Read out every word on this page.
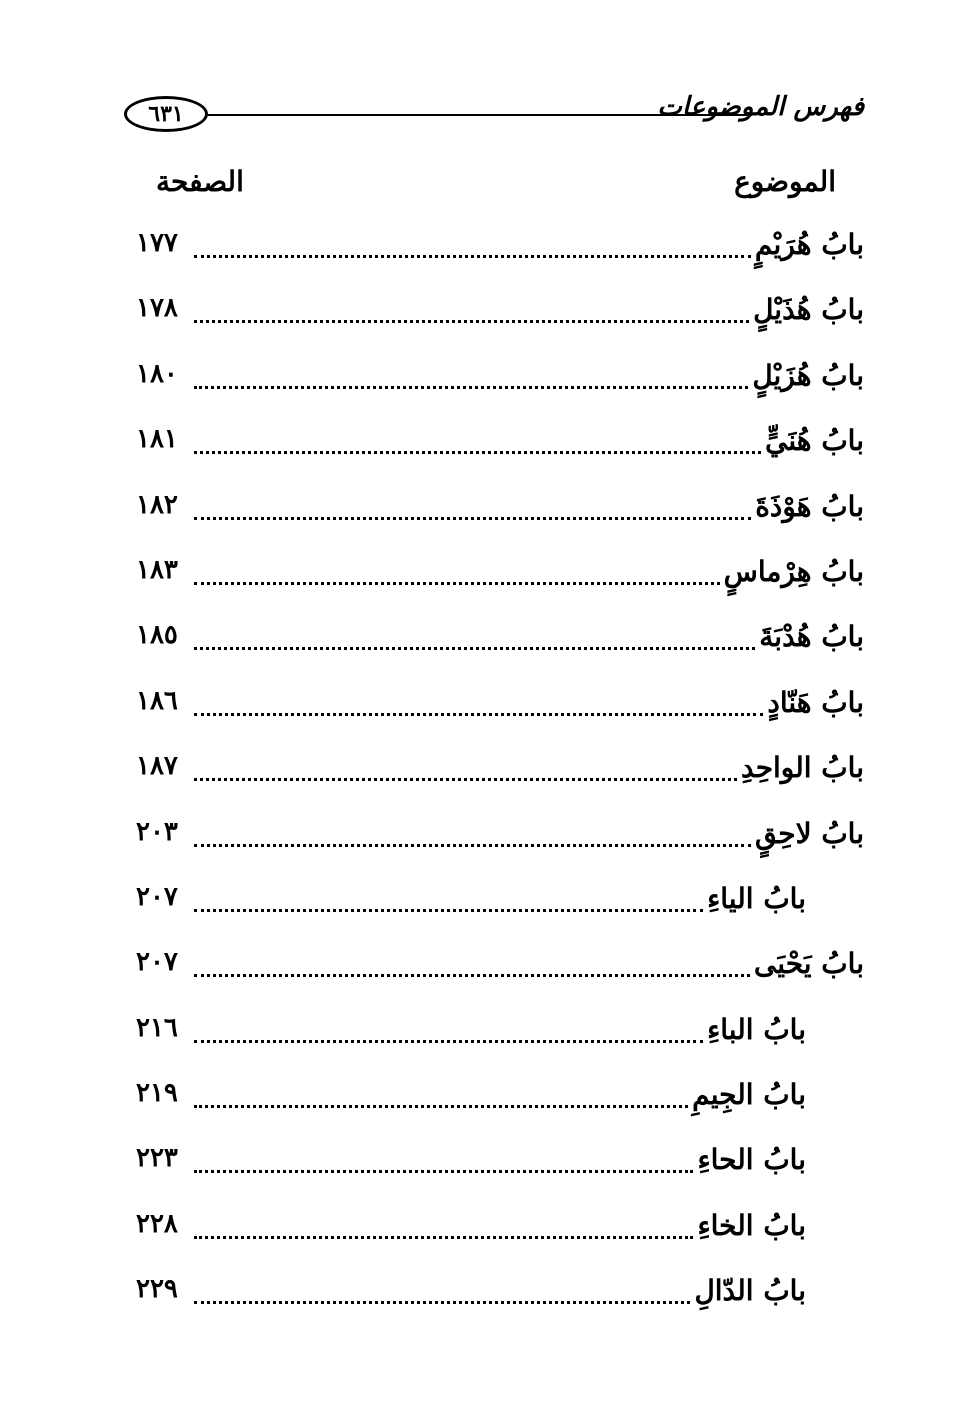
٦٣١	فهرس الموضوعات
الموضوع
الصفحة
بابُ هُرَيْمٍ
١٧٧
بابُ هُذَيْلٍ
١٧٨
بابُ هُزَيْلٍ
١٨٠
بابُ هُنَيٍّ
١٨١
بابُ هَوْذَةَ
١٨٢
بابُ هِرْماسٍ
١٨٣
بابُ هُدْبَةَ
١٨٥
بابُ هَنّادٍ
١٨٦
بابُ الواحِدِ
١٨٧
بابُ لاحِقٍ
٢٠٣
بابُ الياءِ
٢٠٧
بابُ يَحْيَى
٢٠٧
بابُ الباءِ
٢١٦
بابُ الجِيمِ
٢١٩
بابُ الحاءِ
٢٢٣
بابُ الخاءِ
٢٢٨
بابُ الدّالِ
٢٢٩
